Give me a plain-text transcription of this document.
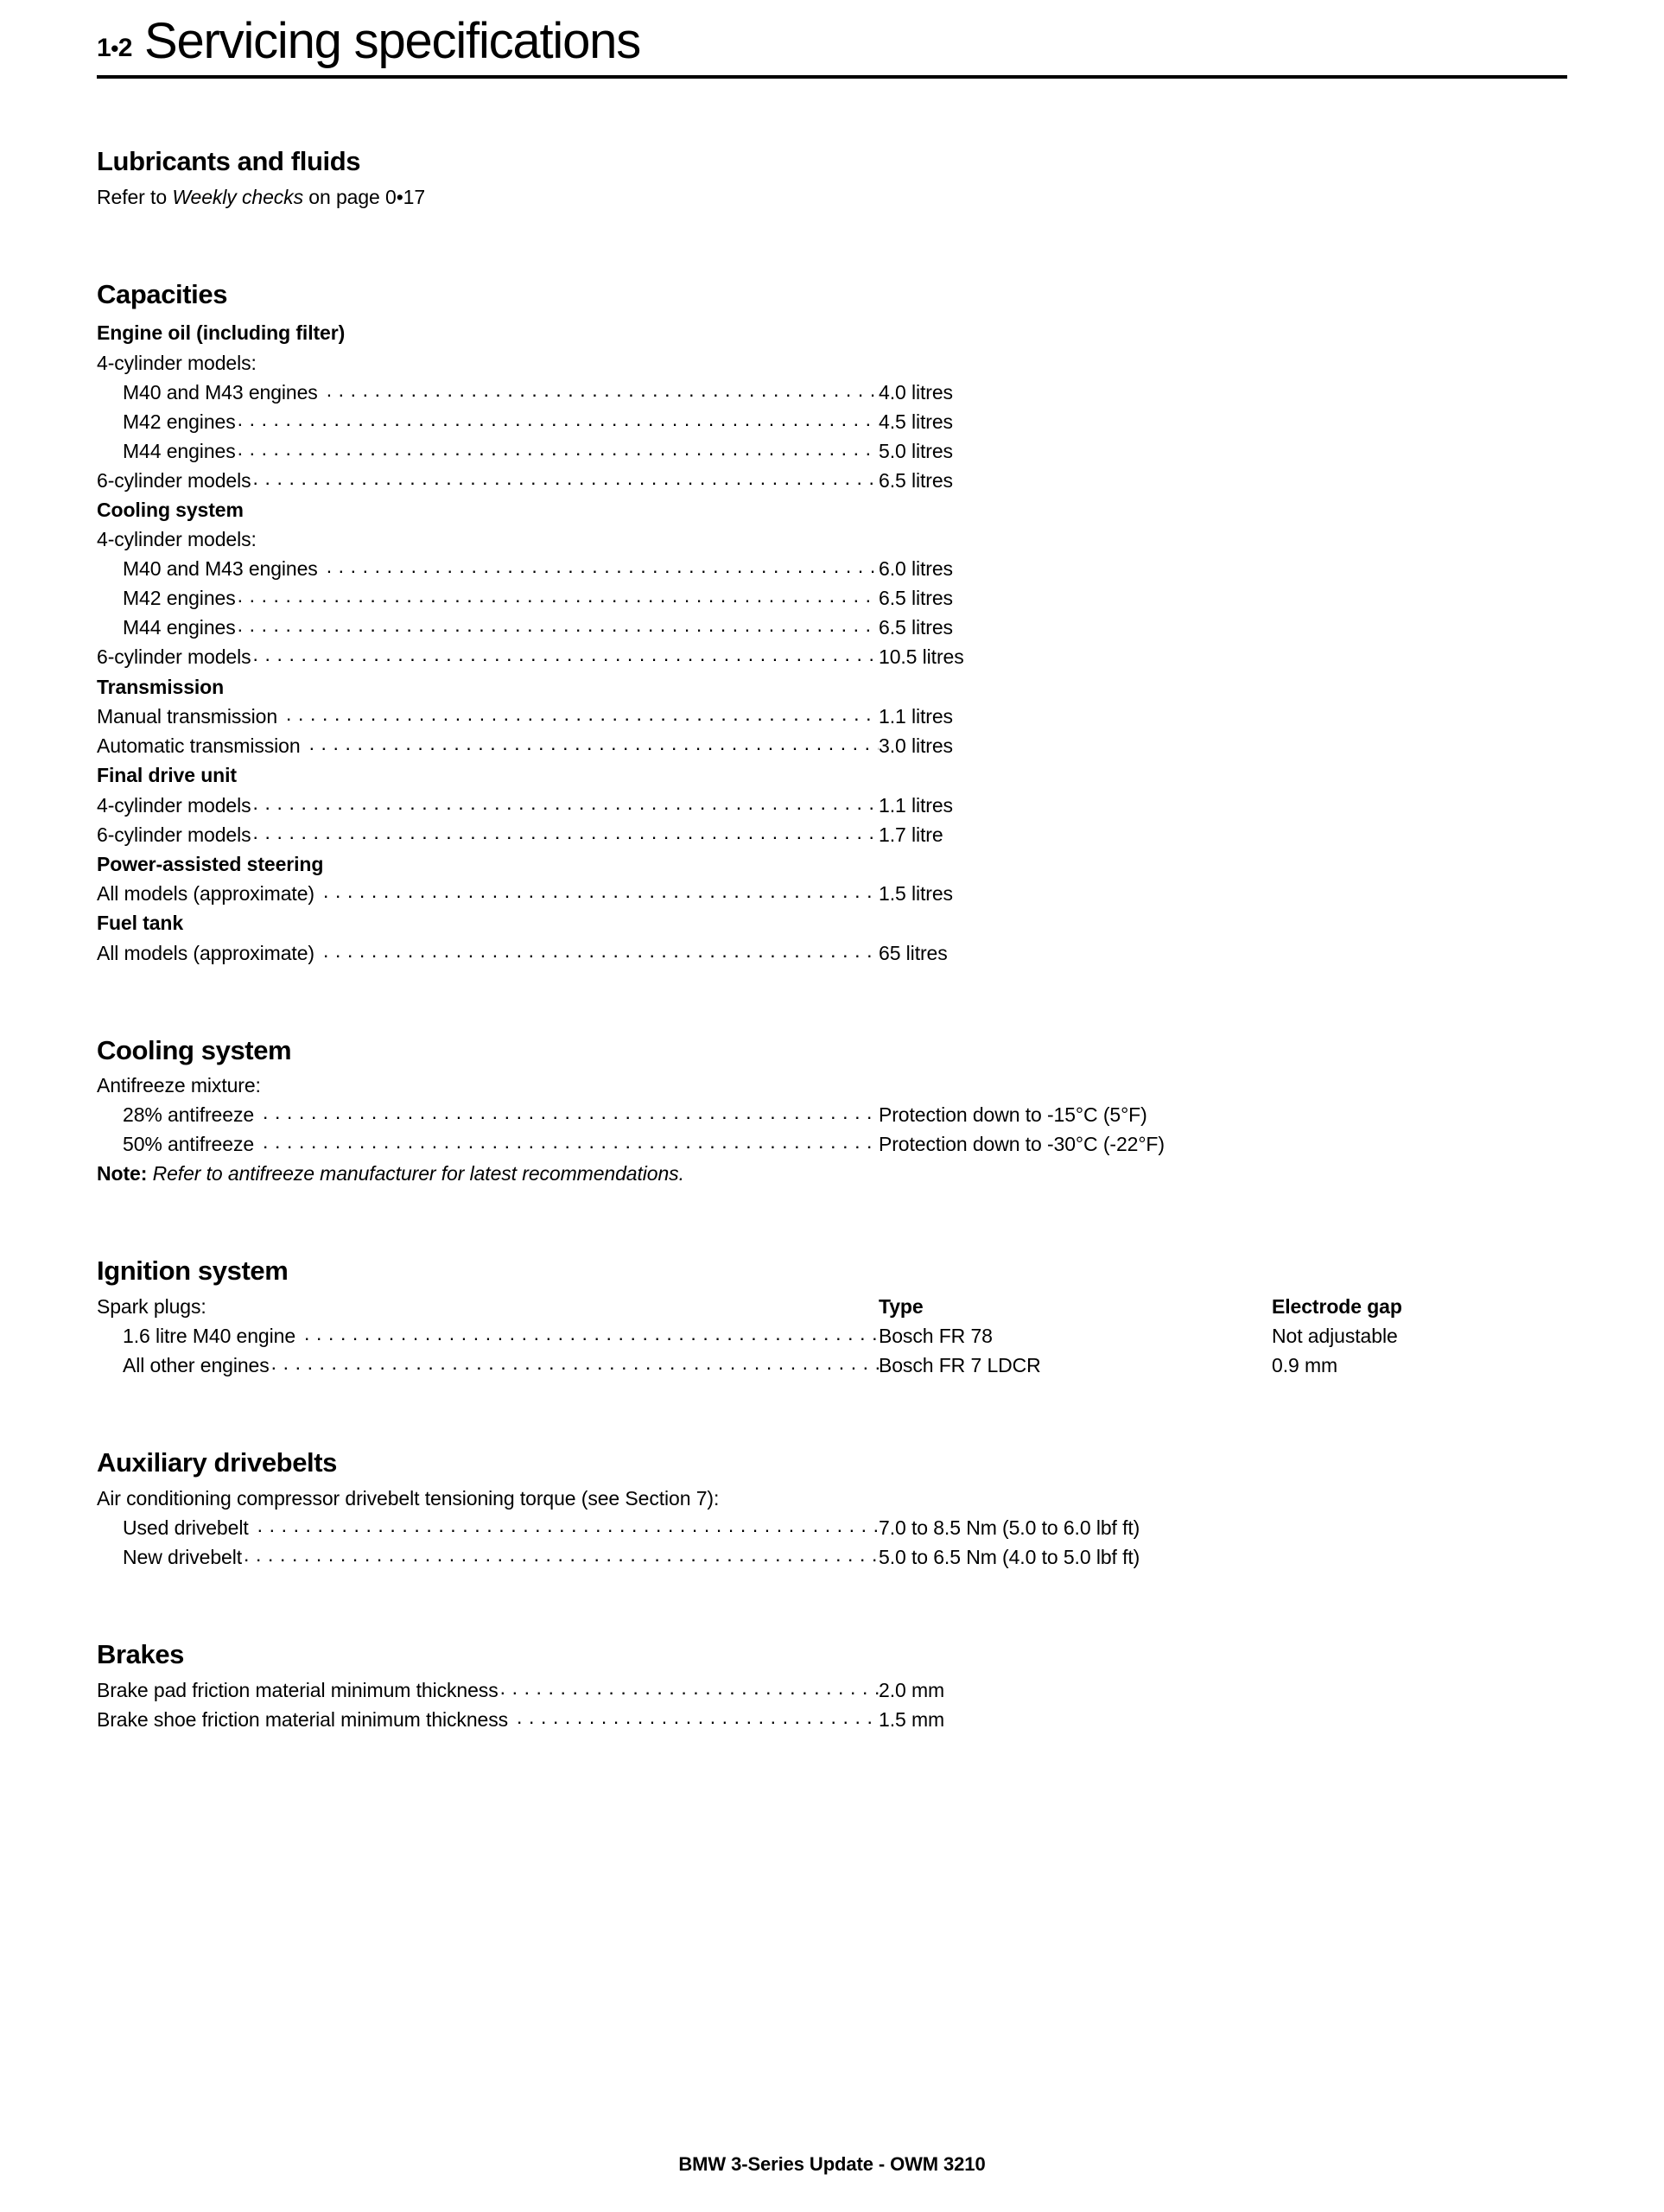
1•2 Servicing specifications
Lubricants and fluids
Refer to Weekly checks on page 0•17
Capacities
Engine oil (including filter)
4-cylinder models:
M40 and M43 engines . . .	4.0 litres
M42 engines . . .	4.5 litres
M44 engines . . .	5.0 litres
6-cylinder models . . .	6.5 litres
Cooling system
4-cylinder models:
M40 and M43 engines . . .	6.0 litres
M42 engines . . .	6.5 litres
M44 engines . . .	6.5 litres
6-cylinder models . . .	10.5 litres
Transmission
Manual transmission . . .	1.1 litres
Automatic transmission . . .	3.0 litres
Final drive unit
4-cylinder models . . .	1.1 litres
6-cylinder models . . .	1.7 litre
Power-assisted steering
All models (approximate) . . .	1.5 litres
Fuel tank
All models (approximate) . . .	65 litres
Cooling system
Antifreeze mixture:
28% antifreeze . . .	Protection down to -15°C (5°F)
50% antifreeze . . .	Protection down to -30°C (-22°F)
Note: Refer to antifreeze manufacturer for latest recommendations.
Ignition system
Spark plugs:	Type	Electrode gap
1.6 litre M40 engine . . .	Bosch FR 78	Not adjustable
All other engines . . .	Bosch FR 7 LDCR	0.9 mm
Auxiliary drivebelts
Air conditioning compressor drivebelt tensioning torque (see Section 7):
Used drivebelt . . .	7.0 to 8.5 Nm (5.0 to 6.0 lbf ft)
New drivebelt . . .	5.0 to 6.5 Nm (4.0 to 5.0 lbf ft)
Brakes
Brake pad friction material minimum thickness . . .	2.0 mm
Brake shoe friction material minimum thickness . . .	1.5 mm
BMW 3-Series Update - OWM 3210
